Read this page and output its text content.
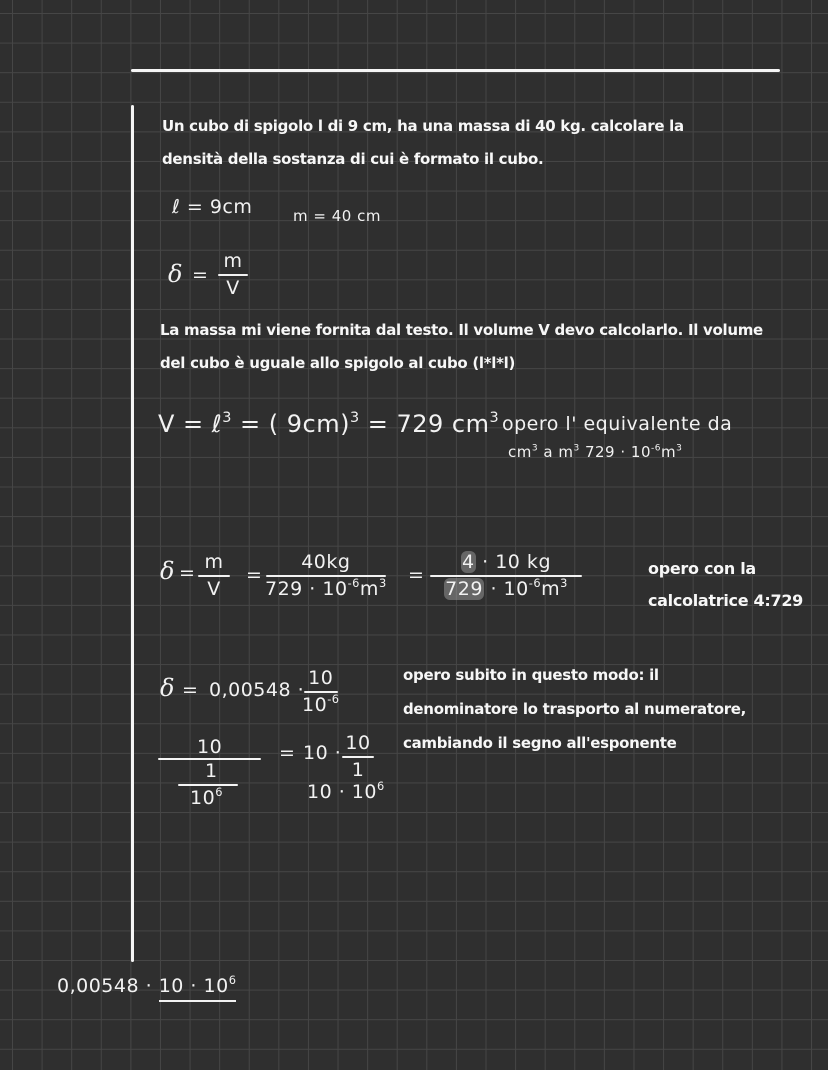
Un cubo di spigolo l di 9 cm, ha una massa di 40 kg. calcolare la
densità della sostanza di cui è formato il cubo.
ℓ = 9cm	m = 40 cm
δ =
m
V
La massa mi viene fornita dal testo. Il volume V devo calcolarlo. Il volume
del cubo è uguale allo spigolo al cubo (l*l*l)
V = ℓ$^3$ = ( 9cm)$^3$ = 729 $cm^3$ opero l' equivalente da
$cm^3$ a $m^3$ $729 \cdot 10^{-6}m^3$
δ = m
V
=
40kg
$729 \cdot 10^{-6}m^3$ =
4 · 10 kg
$729 \cdot 10^{-6}m^3$
opero con la
calcolatrice 4:729
δ = 0,00548 ·
10
$10^{-6}$
10
1
$10^6$
= 10 · 10
1
$10 \cdot 10^6$
opero subito in questo modo: il
denominatore lo trasporto al numeratore,
cambiando il segno all'esponente
$0,00548 \cdot 10 \cdot 10^6$
